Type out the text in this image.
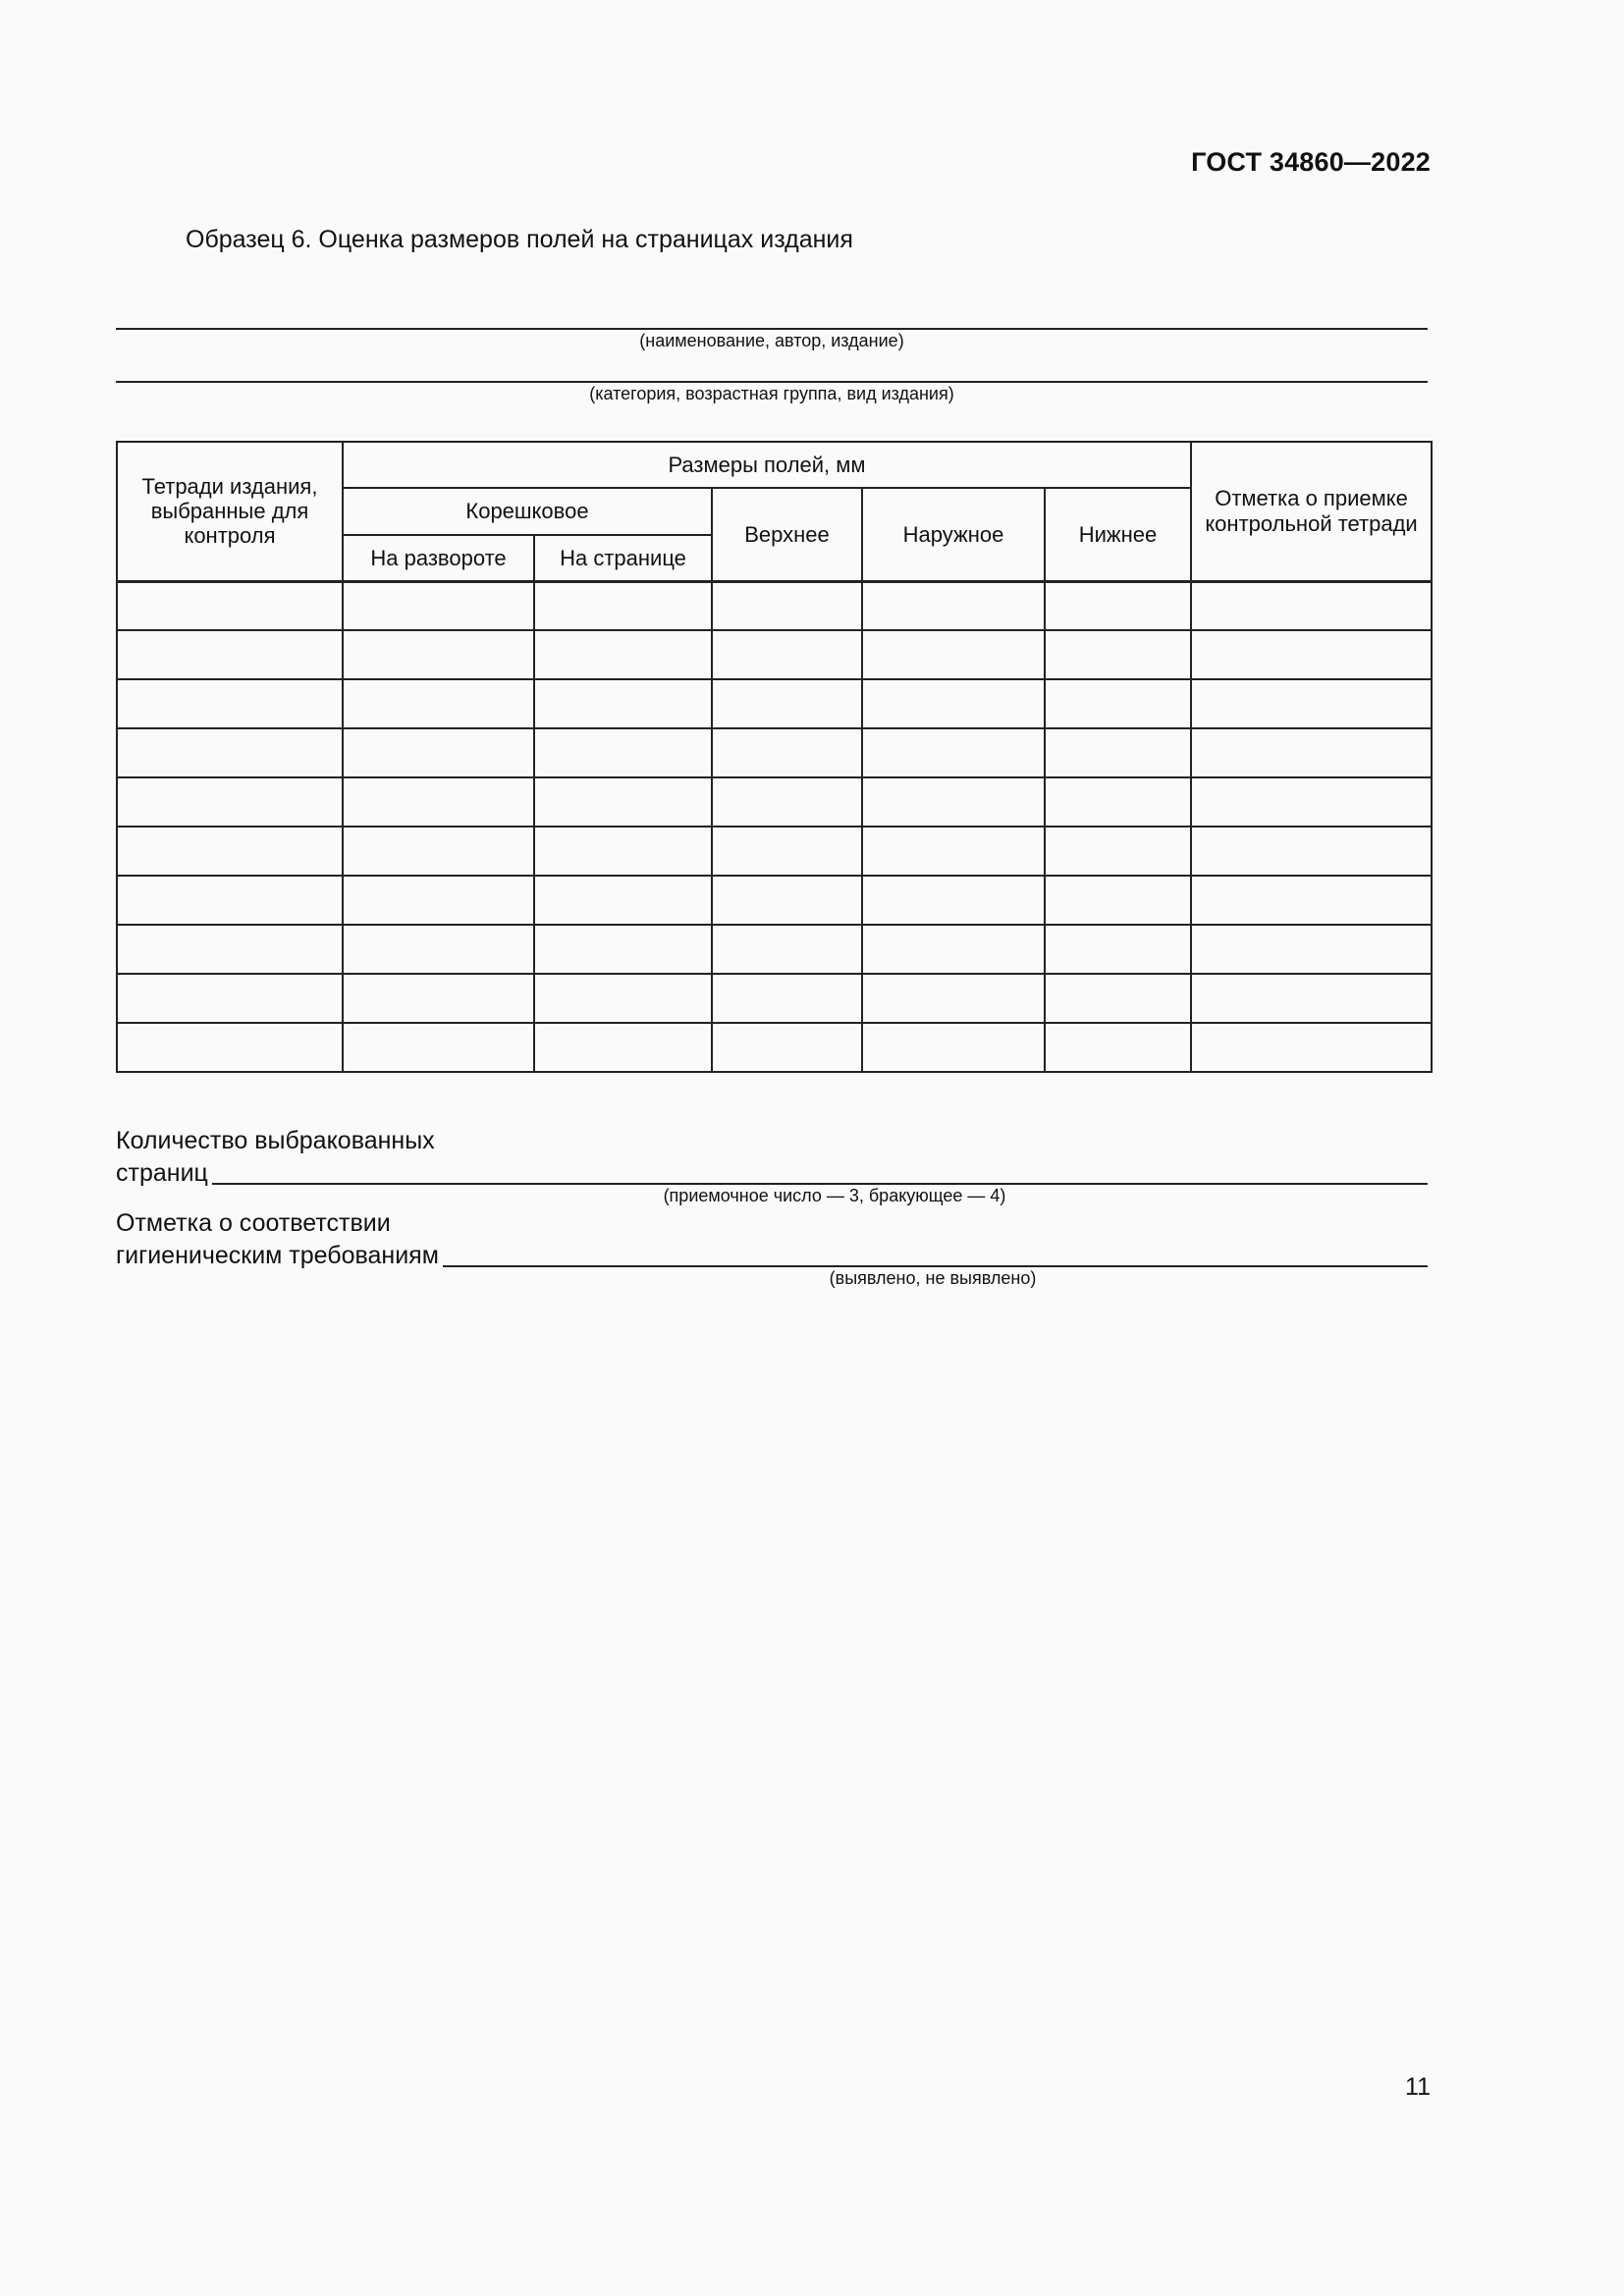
ГОСТ 34860—2022
Образец 6. Оценка размеров полей на страницах издания
(наименование, автор, издание)
(категория, возрастная группа, вид издания)
Тетради издания, выбранные для контроля	Размеры полей, мм					Отметка о приемке контрольной тетради
	Корешковое		Верхнее	Наружное	Нижнее	
	На развороте	На странице				

Количество выбракованных
страниц
(приемочное число — 3, бракующее — 4)
Отметка о соответствии
гигиеническим требованиям
(выявлено, не выявлено)
11
